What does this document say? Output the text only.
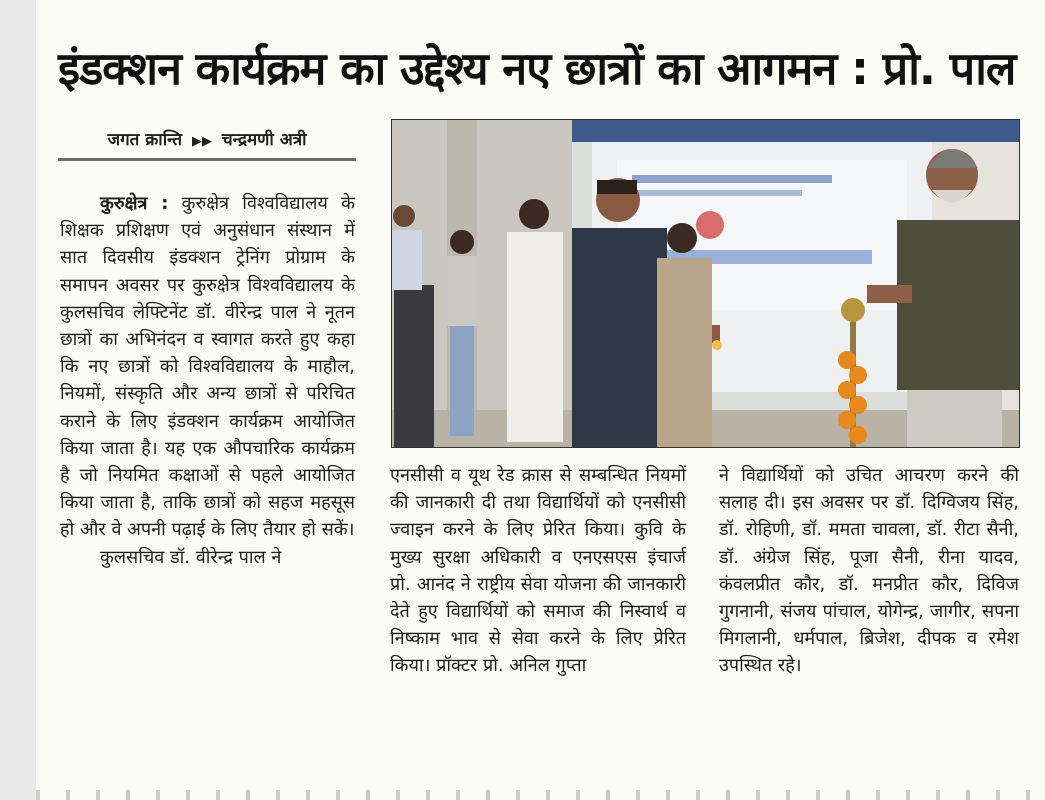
इंडक्शन कार्यक्रम का उद्देश्य नए छात्रों का आगमन : प्रो. पाल
जगत क्रान्ति ▶▶ चन्द्रमणी अत्री

कुरुक्षेत्र : कुरुक्षेत्र विश्वविद्यालय के शिक्षक प्रशिक्षण एवं अनुसंधान संस्थान में सात दिवसीय इंडक्शन ट्रेनिंग प्रोग्राम के समापन अवसर पर कुरुक्षेत्र विश्वविद्यालय के कुलसचिव लेफ्टिनेंट डॉ. वीरेन्द्र पाल ने नूतन छात्रों का अभिनंदन व स्वागत करते हुए कहा कि नए छात्रों को विश्वविद्यालय के माहौल, नियमों, संस्कृति और अन्य छात्रों से परिचित कराने के लिए इंडक्शन कार्यक्रम आयोजित किया जाता है। यह एक औपचारिक कार्यक्रम है जो नियमित कक्षाओं से पहले आयोजित किया जाता है, ताकि छात्रों को सहज महसूस हो और वे अपनी पढ़ाई के लिए तैयार हो सकें।

कुलसचिव डॉ. वीरेन्द्र पाल ने

एनसीसी व यूथ रेड क्रास से सम्बन्धित नियमों की जानकारी दी तथा विद्यार्थियों को एनसीसी ज्वाइन करने के लिए प्रेरित किया। कुवि के मुख्य सुरक्षा अधिकारी व एनएसएस इंचार्ज प्रो. आनंद ने राष्ट्रीय सेवा योजना की जानकारी देते हुए विद्यार्थियों को समाज की निस्वार्थ व निष्काम भाव से सेवा करने के लिए प्रेरित किया। प्रॉक्टर प्रो. अनिल गुप्ता

ने विद्यार्थियों को उचित आचरण करने की सलाह दी। इस अवसर पर डॉ. दिग्विजय सिंह, डॉ. रोहिणी, डॉ. ममता चावला, डॉ. रीटा सैनी, डॉ. अंग्रेज सिंह, पूजा सैनी, रीना यादव, कंवलप्रीत कौर, डॉ. मनप्रीत कौर, दिविज गुगनानी, संजय पांचाल, योगेन्द्र, जागीर, सपना मिगलानी, धर्मपाल, ब्रिजेश, दीपक व रमेश उपस्थित रहे।
